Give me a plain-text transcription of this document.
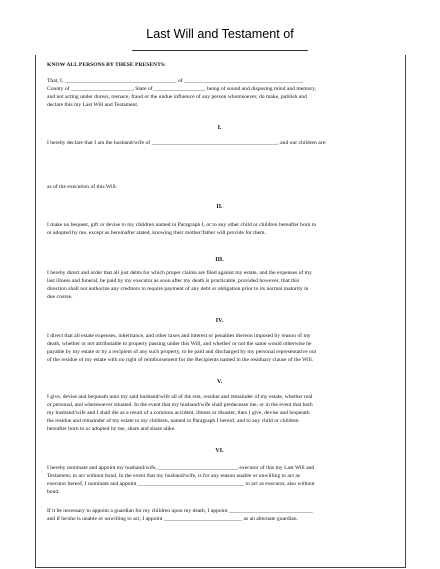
Last Will and Testament of

KNOW ALL PERSONS BY THESE PRESENTS:

That, I, ________________________________________ of __________________________________________,

County of ______________________, State of __________________, being of sound and disposing mind and memory,

and not acting under duress, menace, fraud or the undue influence of any person whomsoever, do make, publish and

declare this my Last Will and Testament.

I.

I hereby declare that I am the husband/wife of _____________________________________________, and our children are:

as of the execution of this Will.

II.

I make no bequest, gift or devise to my children named in Paragraph I, or to any other child or children hereafter born to

or adopted by me, except as hereinafter stated, knowing their mother/father will provide for them.

III.

I hereby direct and order that all just debts for which proper claims are filed against my estate, and the expenses of my

last illness and funeral, be paid by my executor as soon after my death is practicable, provided however, that this

direction shall not authorize any creditors to require payment of any debt or obligation prior to its normal maturity in

due course.

IV.

I direct that all estate expenses, inheritance, and other taxes and interest or penalties thereon imposed by reason of my

death, whether or not attributable to property passing under this Will, and whether or not the same would otherwise be

payable by my estate or by a recipient of any such property, to be paid and discharged by my personal representative out

of the residue of my estate with no right of reimbursement for the Recipients named in the residuary clause of the Will.

V.

I give, devise and bequeath unto my said husband/wife all of the rest, residue and remainder of my estate, whether real

or personal, and wheresoever situated. In the event that my husband/wife shall predecease me, or in the event that both

my husband/wife and I shall die as a result of a common accident, illness or disaster, then I give, devise and bequeath

the residue and remainder of my estate to my children, named in Paragraph I hereof, and to any child or children

hereafter born to or adopted by me, share and share alike.

VI.

I hereby nominate and appoint my husband/wife, ____________________________, executor of this my Last Will and

Testament, to act without bond. In the event that my husband/wife, is for any reason unable or unwilling to act as

executor hereof, I nominate and appoint ______________________________________ to act as executor, also without

bond.

If it be necessary to appoint a guardian for my children upon my death, I appoint ______________________________

and if he/she is unable or unwilling to act, I appoint ____________________________ as an alternate guardian.
